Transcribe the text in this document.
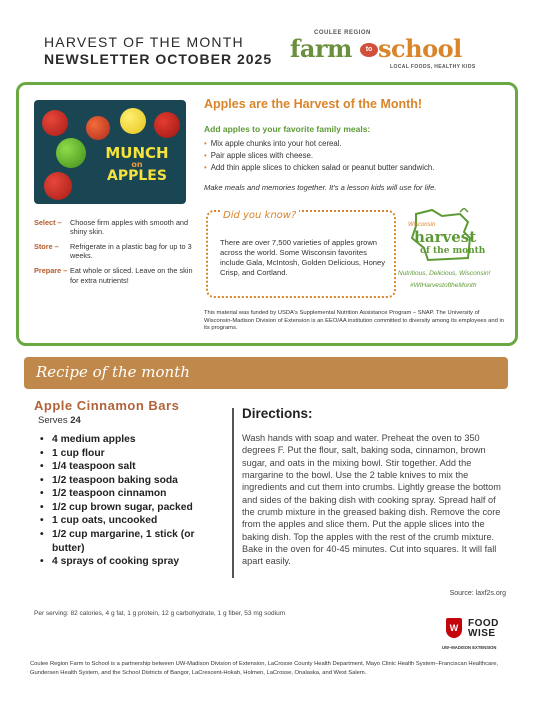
HARVEST OF THE MONTH
NEWSLETTER OCTOBER 2025
COULEE REGION
farm	to school
LOCAL FOODS, HEALTHY KIDS
MUNCH
on
APPLES
Select –	Choose firm apples with smooth and shiny skin.
Store –	Refrigerate in a plastic bag for up to 3 weeks.
Prepare – Eat whole or sliced. Leave on the skin for extra nutrients!
Apples are the Harvest of the Month!
Add apples to your favorite family meals:
• Mix apple chunks into your hot cereal.
• Pair apple slices with cheese.
• Add thin apple slices to chicken salad or peanut butter sandwich.
Make meals and memories together. It's a lesson kids will use for life.
Did you know?
There are over 7,500 varieties of apples grown across the world. Some Wisconsin favorites include Gala, McIntosh, Golden Delicious, Honey Crisp, and Cortland.
Wisconsin
harvest
of the month
Nutritious, Delicious, Wisconsin!
#WIHarvestoftheMonth
This material was funded by USDA's Supplemental Nutrition Assistance Program – SNAP. The University of Wisconsin-Madison Division of Extension is an EEO/AA institution committed to diversity among its employees and in its programs.
Recipe of the month
Apple Cinnamon Bars
Serves 24
• 4 medium apples
• 1 cup flour
• 1/4 teaspoon salt
• 1/2 teaspoon baking soda
• 1/2 teaspoon cinnamon
• 1/2 cup brown sugar, packed
• 1 cup oats, uncooked
• 1/2 cup margarine, 1 stick (or butter)
• 4 sprays of cooking spray
Directions:
Wash hands with soap and water. Preheat the oven to 350 degrees F. Put the flour, salt, baking soda, cinnamon, brown sugar, and oats in the mixing bowl. Stir together. Add the margarine to the bowl. Use the 2 table knives to mix the ingredients and cut them into crumbs. Lightly grease the bottom and sides of the baking dish with cooking spray. Spread half of the crumb mixture in the greased baking dish. Remove the core from the apples and slice them. Put the apple slices into the baking dish. Top the apples with the rest of the crumb mixture. Bake in the oven for 40-45 minutes. Cut into squares. It will fall apart easily.
Source: laxf2s.org
Per serving: 82 calories, 4 g fat, 1 g protein, 12 g carbohydrate, 1 g fiber, 53 mg sodium
W FOOD
WISE
UW–MADISON EXTENSION
Coulee Region Farm to School is a partnership between UW-Madison Division of Extension, LaCrosse County Health Department, Mayo Clinic Health System–Franciscan Healthcare, Gundersen Health System, and the School Districts of Bangor, LaCrescent-Hokah, Holmen, LaCrosse, Onalaska, and West Salem.
